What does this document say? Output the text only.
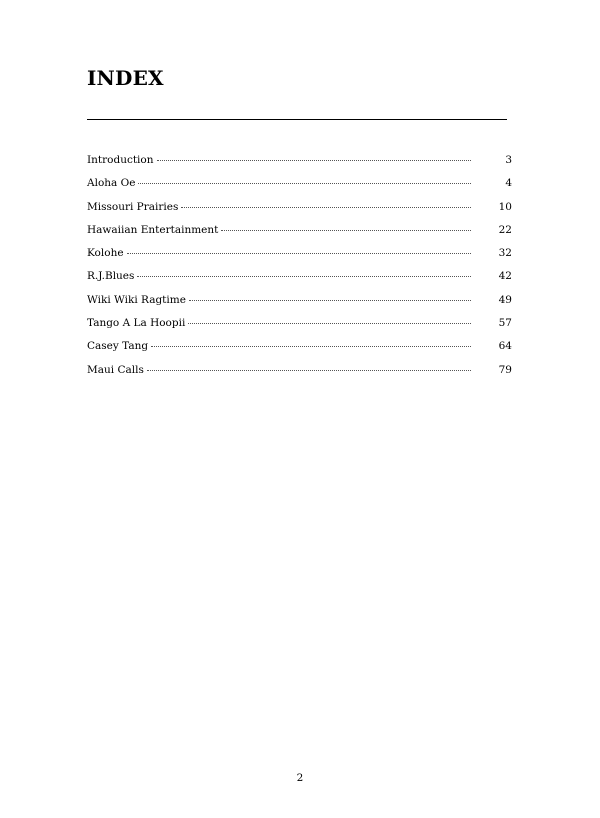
INDEX
Introduction	3
Aloha Oe	4
Missouri Prairies	10
Hawaiian Entertainment	22
Kolohe	32
R.J.Blues	42
Wiki Wiki Ragtime	49
Tango A La Hoopii	57
Casey Tang	64
Maui Calls	79
2
